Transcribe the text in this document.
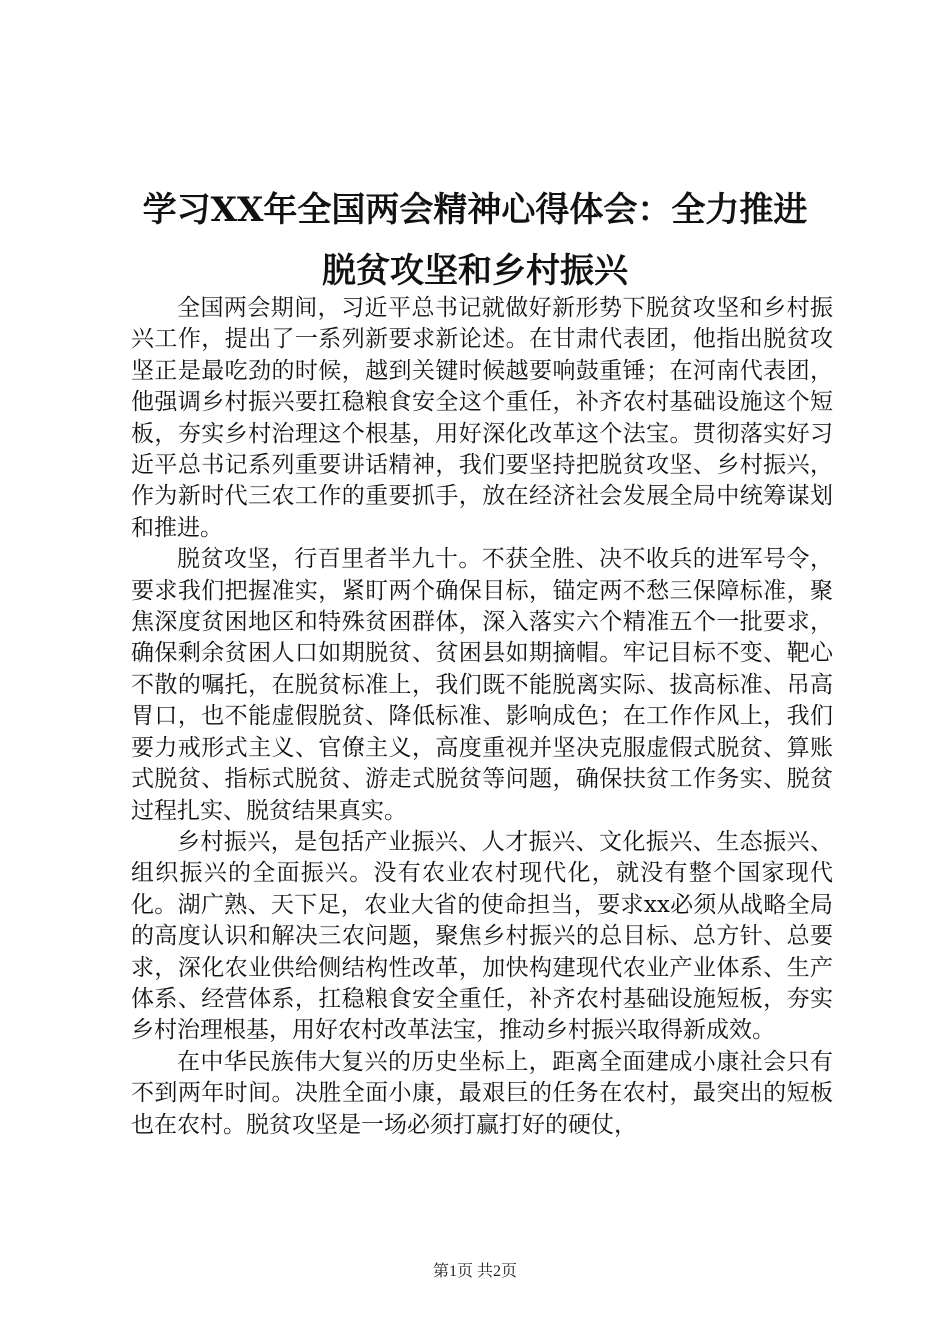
学习XX年全国两会精神心得体会：全力推进
脱贫攻坚和乡村振兴

全国两会期间，习近平总书记就做好新形势下脱贫攻坚和乡村振兴工作，提出了一系列新要求新论述。在甘肃代表团，他指出脱贫攻坚正是最吃劲的时候，越到关键时候越要响鼓重锤；在河南代表团，他强调乡村振兴要扛稳粮食安全这个重任，补齐农村基础设施这个短板，夯实乡村治理这个根基，用好深化改革这个法宝。贯彻落实好习近平总书记系列重要讲话精神，我们要坚持把脱贫攻坚、乡村振兴，作为新时代三农工作的重要抓手，放在经济社会发展全局中统筹谋划和推进。

脱贫攻坚，行百里者半九十。不获全胜、决不收兵的进军号令，要求我们把握准实，紧盯两个确保目标，锚定两不愁三保障标准，聚焦深度贫困地区和特殊贫困群体，深入落实六个精准五个一批要求，确保剩余贫困人口如期脱贫、贫困县如期摘帽。牢记目标不变、靶心不散的嘱托，在脱贫标准上，我们既不能脱离实际、拔高标准、吊高胃口，也不能虚假脱贫、降低标准、影响成色；在工作作风上，我们要力戒形式主义、官僚主义，高度重视并坚决克服虚假式脱贫、算账式脱贫、指标式脱贫、游走式脱贫等问题，确保扶贫工作务实、脱贫过程扎实、脱贫结果真实。

乡村振兴，是包括产业振兴、人才振兴、文化振兴、生态振兴、组织振兴的全面振兴。没有农业农村现代化，就没有整个国家现代化。湖广熟、天下足，农业大省的使命担当，要求xx必须从战略全局的高度认识和解决三农问题，聚焦乡村振兴的总目标、总方针、总要求，深化农业供给侧结构性改革，加快构建现代农业产业体系、生产体系、经营体系，扛稳粮食安全重任，补齐农村基础设施短板，夯实乡村治理根基，用好农村改革法宝，推动乡村振兴取得新成效。

在中华民族伟大复兴的历史坐标上，距离全面建成小康社会只有不到两年时间。决胜全面小康，最艰巨的任务在农村，最突出的短板也在农村。脱贫攻坚是一场必须打赢打好的硬仗，

第1页 共2页
